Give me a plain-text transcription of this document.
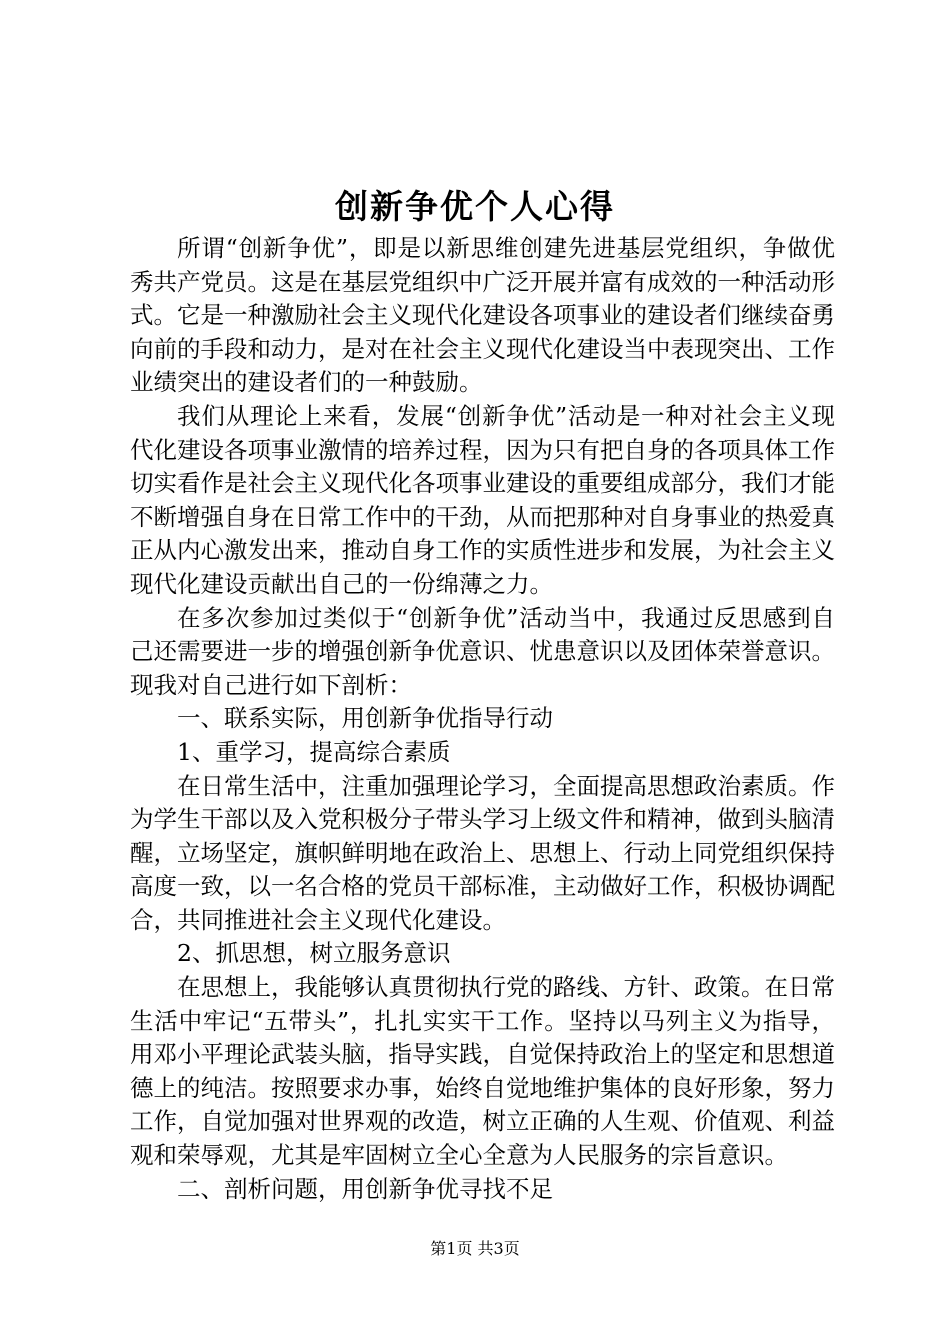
创新争优个人心得

所谓“创新争优”，即是以新思维创建先进基层党组织，争做优秀共产党员。这是在基层党组织中广泛开展并富有成效的一种活动形式。它是一种激励社会主义现代化建设各项事业的建设者们继续奋勇向前的手段和动力，是对在社会主义现代化建设当中表现突出、工作业绩突出的建设者们的一种鼓励。

我们从理论上来看，发展“创新争优”活动是一种对社会主义现代化建设各项事业激情的培养过程，因为只有把自身的各项具体工作切实看作是社会主义现代化各项事业建设的重要组成部分，我们才能不断增强自身在日常工作中的干劲，从而把那种对自身事业的热爱真正从内心激发出来，推动自身工作的实质性进步和发展，为社会主义现代化建设贡献出自己的一份绵薄之力。

在多次参加过类似于“创新争优”活动当中，我通过反思感到自己还需要进一步的增强创新争优意识、忧患意识以及团体荣誉意识。现我对自己进行如下剖析：

一、联系实际，用创新争优指导行动

1、重学习，提高综合素质

在日常生活中，注重加强理论学习，全面提高思想政治素质。作为学生干部以及入党积极分子带头学习上级文件和精神，做到头脑清醒，立场坚定，旗帜鲜明地在政治上、思想上、行动上同党组织保持高度一致，以一名合格的党员干部标准，主动做好工作，积极协调配合，共同推进社会主义现代化建设。

2、抓思想，树立服务意识

在思想上，我能够认真贯彻执行党的路线、方针、政策。在日常生活中牢记“五带头”，扎扎实实干工作。坚持以马列主义为指导，用邓小平理论武装头脑，指导实践，自觉保持政治上的坚定和思想道德上的纯洁。按照要求办事，始终自觉地维护集体的良好形象，努力工作，自觉加强对世界观的改造，树立正确的人生观、价值观、利益观和荣辱观，尤其是牢固树立全心全意为人民服务的宗旨意识。

二、剖析问题，用创新争优寻找不足

第1页 共3页
